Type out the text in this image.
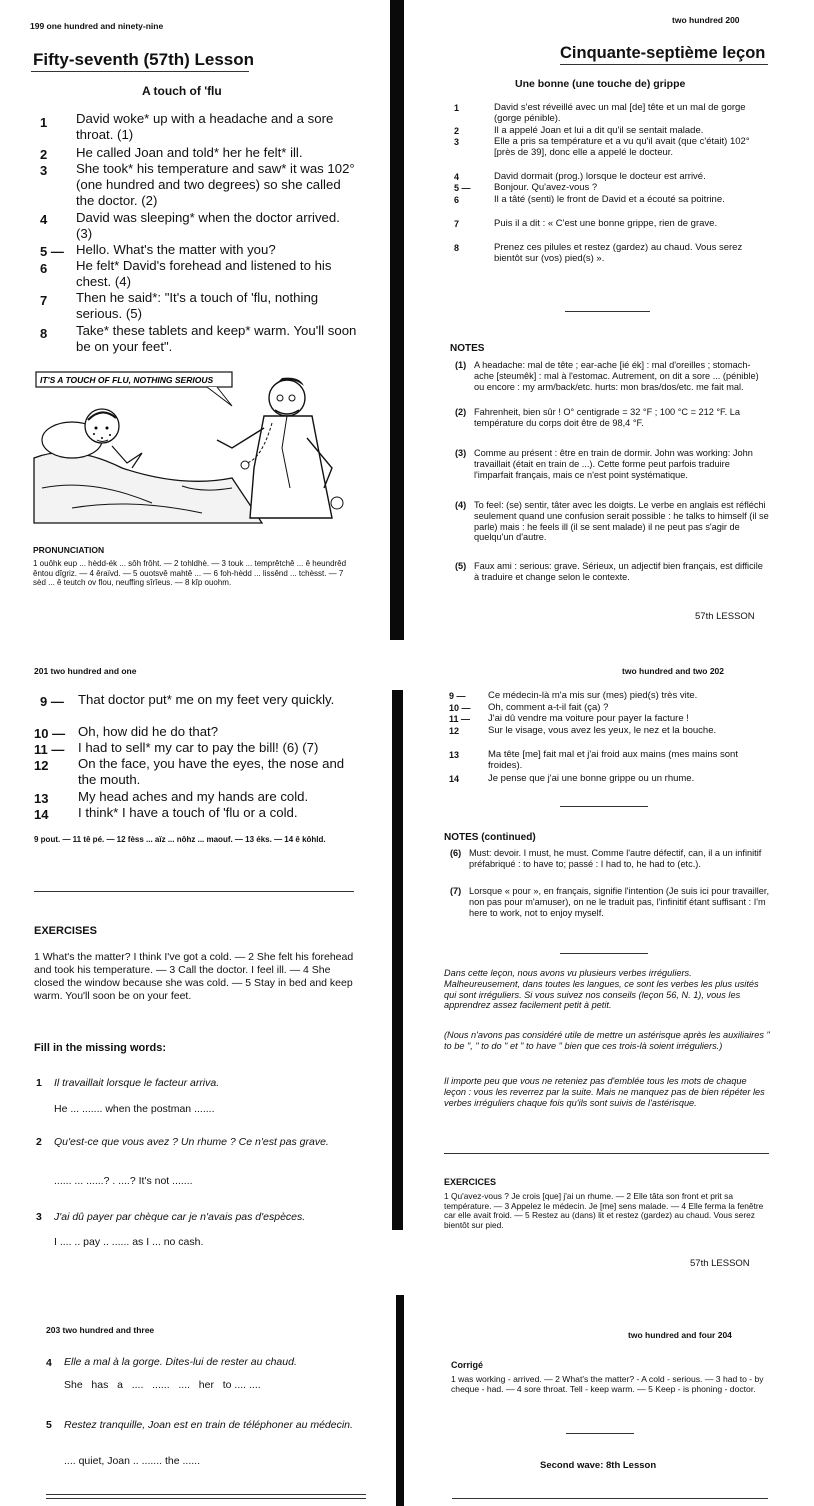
199 one hundred and ninety-nine
Fifty-seventh (57th) Lesson
A touch of 'flu
1 David woke* up with a headache and a sore throat. (1)
2 He called Joan and told* her he felt* ill.
3 She took* his temperature and saw* it was 102° (one hundred and two degrees) so she called the doctor. (2)
4 David was sleeping* when the doctor arrived. (3)
5 — Hello. What's the matter with you?
6 He felt* David's forehead and listened to his chest. (4)
7 Then he said*: "It's a touch of 'flu, nothing serious. (5)
8 Take* these tablets and keep* warm. You'll soon be on your feet".
IT'S A TOUCH OF FLU, NOTHING SERIOUS
PRONUNCIATION
1 ouôhk eup ... hèdd-ék ... sôh frôht. — 2 tohldhè. — 3 touk ... temprêtchê ... ê heundrêd êntou dîgriz. — 4 êraïvd. — 5 ouotsvê mahtê ... — 6 foh-hèdd ... lissênd ... tchèsst. — 7 sèd ... ê teutch ov flou, neuffing sîrîeus. — 8 kîp ouohm.
two hundred 200
Cinquante-septième leçon
Une bonne (une touche de) grippe
1	David s'est réveillé avec un mal [de] tête et un mal de gorge (gorge pénible).
2	Il a appelé Joan et lui a dit qu'il se sentait malade.
3	Elle a pris sa température et a vu qu'il avait (que c'était) 102° [près de 39], donc elle a appelé le docteur.
4	David dormait (prog.) lorsque le docteur est arrivé.
5 — Bonjour. Qu'avez-vous ?
6	Il a tâté (senti) le front de David et a écouté sa poitrine.
7	Puis il a dit : « C'est une bonne grippe, rien de grave.
8	Prenez ces pilules et restez (gardez) au chaud. Vous serez bientôt sur (vos) pied(s) ».
NOTES
(1) A headache: mal de tête ; ear-ache [ié ék] : mal d'oreilles ; stomach-ache [steumêk] : mal à l'estomac. Autrement, on dit a sore ... (pénible) ou encore : my arm/back/etc. hurts: mon bras/dos/etc. me fait mal.
(2) Fahrenheit, bien sûr ! O° centigrade = 32 °F ; 100 °C = 212 °F. La température du corps doit être de 98,4 °F.
(3) Comme au présent : être en train de dormir. John was working: John travaillait (était en train de ...). Cette forme peut parfois traduire l'imparfait français, mais ce n'est point systématique.
(4) To feel: (se) sentir, tâter avec les doigts. Le verbe en anglais est réfléchi seulement quand une confusion serait possible : he talks to himself (il se parle) mais : he feels ill (il se sent malade) il ne peut pas s'agir de quelqu'un d'autre.
(5) Faux ami : serious: grave. Sérieux, un adjectif bien français, est difficile à traduire et change selon le contexte.
57th LESSON
201 two hundred and one
9 — That doctor put* me on my feet very quickly.
10 — Oh, how did he do that?
11 — I had to sell* my car to pay the bill! (6) (7)
12 On the face, you have the eyes, the nose and the mouth.
13 My head aches and my hands are cold.
14 I think* I have a touch of 'flu or a cold.
9 pout. — 11 tê pé. — 12 fèss ... aïz ... nôhz ... maouf. — 13 éks. — 14 ê kôhld.
EXERCISES
1 What's the matter? I think I've got a cold. — 2 She felt his forehead and took his temperature. — 3 Call the doctor. I feel ill. — 4 She closed the window because she was cold. — 5 Stay in bed and keep warm. You'll soon be on your feet.
Fill in the missing words:
1 Il travaillait lorsque le facteur arriva.
He ... ....... when the postman .......
2 Qu'est-ce que vous avez ? Un rhume ? Ce n'est pas grave.
...... ... ......? . ....? It's not .......
3 J'ai dû payer par chèque car je n'avais pas d'espèces.
I .... .. pay .. ...... as I ... no cash.
two hundred and two 202
9 — Ce médecin-là m'a mis sur (mes) pied(s) très vite.
10 — Oh, comment a-t-il fait (ça) ?
11 — J'ai dû vendre ma voiture pour payer la facture !
12	Sur le visage, vous avez les yeux, le nez et la bouche.
13	Ma tête [me] fait mal et j'ai froid aux mains (mes mains sont froides).
14	Je pense que j'ai une bonne grippe ou un rhume.
NOTES (continued)
(6) Must: devoir. I must, he must. Comme l'autre défectif, can, il a un infinitif préfabriqué : to have to; passé : I had to, he had to (etc.).
(7) Lorsque « pour », en français, signifie l'intention (Je suis ici pour travailler, non pas pour m'amuser), on ne le traduit pas, l'infinitif étant suffisant : I'm here to work, not to enjoy myself.
Dans cette leçon, nous avons vu plusieurs verbes irréguliers. Malheureusement, dans toutes les langues, ce sont les verbes les plus usités qui sont irréguliers. Si vous suivez nos conseils (leçon 56, N. 1), vous les apprendrez assez facilement petit à petit.
(Nous n'avons pas considéré utile de mettre un astérisque après les auxiliaires " to be ", " to do " et " to have " bien que ces trois-là soient irréguliers.)
Il importe peu que vous ne reteniez pas d'emblée tous les mots de chaque leçon : vous les reverrez par la suite. Mais ne manquez pas de bien répéter les verbes irréguliers chaque fois qu'ils sont suivis de l'astérisque.
EXERCICES
1 Qu'avez-vous ? Je crois [que] j'ai un rhume. — 2 Elle tâta son front et prit sa température. — 3 Appelez le médecin. Je [me] sens malade. — 4 Elle ferma la fenêtre car elle avait froid. — 5 Restez au (dans) lit et restez (gardez) au chaud. Vous serez bientôt sur pied.
57th LESSON
203 two hundred and three
4 Elle a mal à la gorge. Dites-lui de rester au chaud.
She   has   a   ....   ......   ....   her   to .... ....
5 Restez tranquille, Joan est en train de téléphoner au médecin.
.... quiet, Joan .. ....... the ......
two hundred and four 204
Corrigé
1 was working - arrived. — 2 What's the matter? - A cold - serious. — 3 had to - by cheque - had. — 4 sore throat. Tell - keep warm. — 5 Keep - is phoning - doctor.
Second wave: 8th Lesson
